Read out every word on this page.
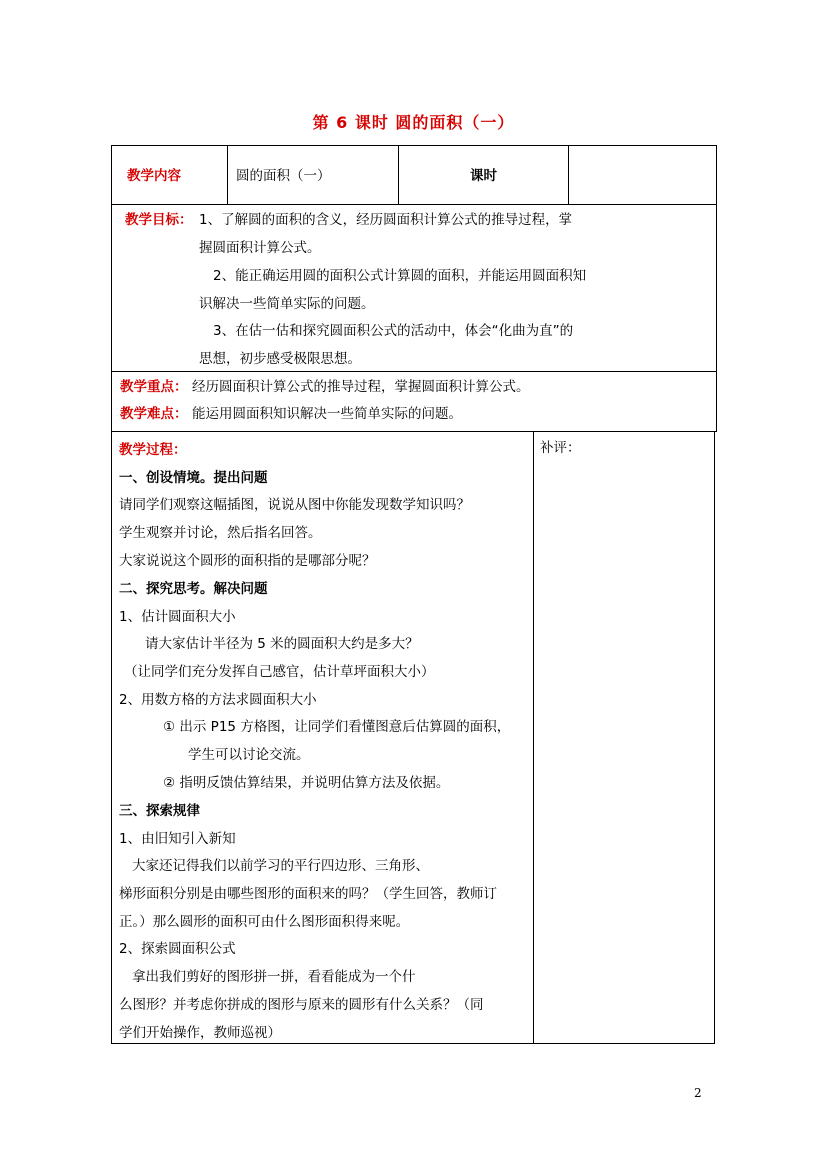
第 6 课时 圆的面积（一）
教学内容	圆的面积（一）	课时
教学目标： 1、了解圆的面积的含义，经历圆面积计算公式的推导过程，掌
握圆面积计算公式。
2、能正确运用圆的面积公式计算圆的面积，并能运用圆面积知
识解决一些简单实际的问题。
3、在估一估和探究圆面积公式的活动中，体会“化曲为直”的
思想，初步感受极限思想。
教学重点： 经历圆面积计算公式的推导过程，掌握圆面积计算公式。
教学难点： 能运用圆面积知识解决一些简单实际的问题。
补评：
教学过程：
一、创设情境。提出问题
请同学们观察这幅插图，说说从图中你能发现数学知识吗？
学生观察并讨论，然后指名回答。
大家说说这个圆形的面积指的是哪部分呢？
二、探究思考。解决问题
1、估计圆面积大小
请大家估计半径为 5 米的圆面积大约是多大？
（让同学们充分发挥自己感官，估计草坪面积大小）
2、用数方格的方法求圆面积大小
① 出示 P15 方格图，让同学们看懂图意后估算圆的面积，
学生可以讨论交流。
② 指明反馈估算结果，并说明估算方法及依据。
三、探索规律
1、由旧知引入新知
大家还记得我们以前学习的平行四边形、三角形、
梯形面积分别是由哪些图形的面积来的吗？（学生回答，教师订
正。）那么圆形的面积可由什么图形面积得来呢。
2、探索圆面积公式
拿出我们剪好的图形拼一拼，看看能成为一个什
么图形？并考虑你拼成的图形与原来的圆形有什么关系？（同
学们开始操作，教师巡视）
2
